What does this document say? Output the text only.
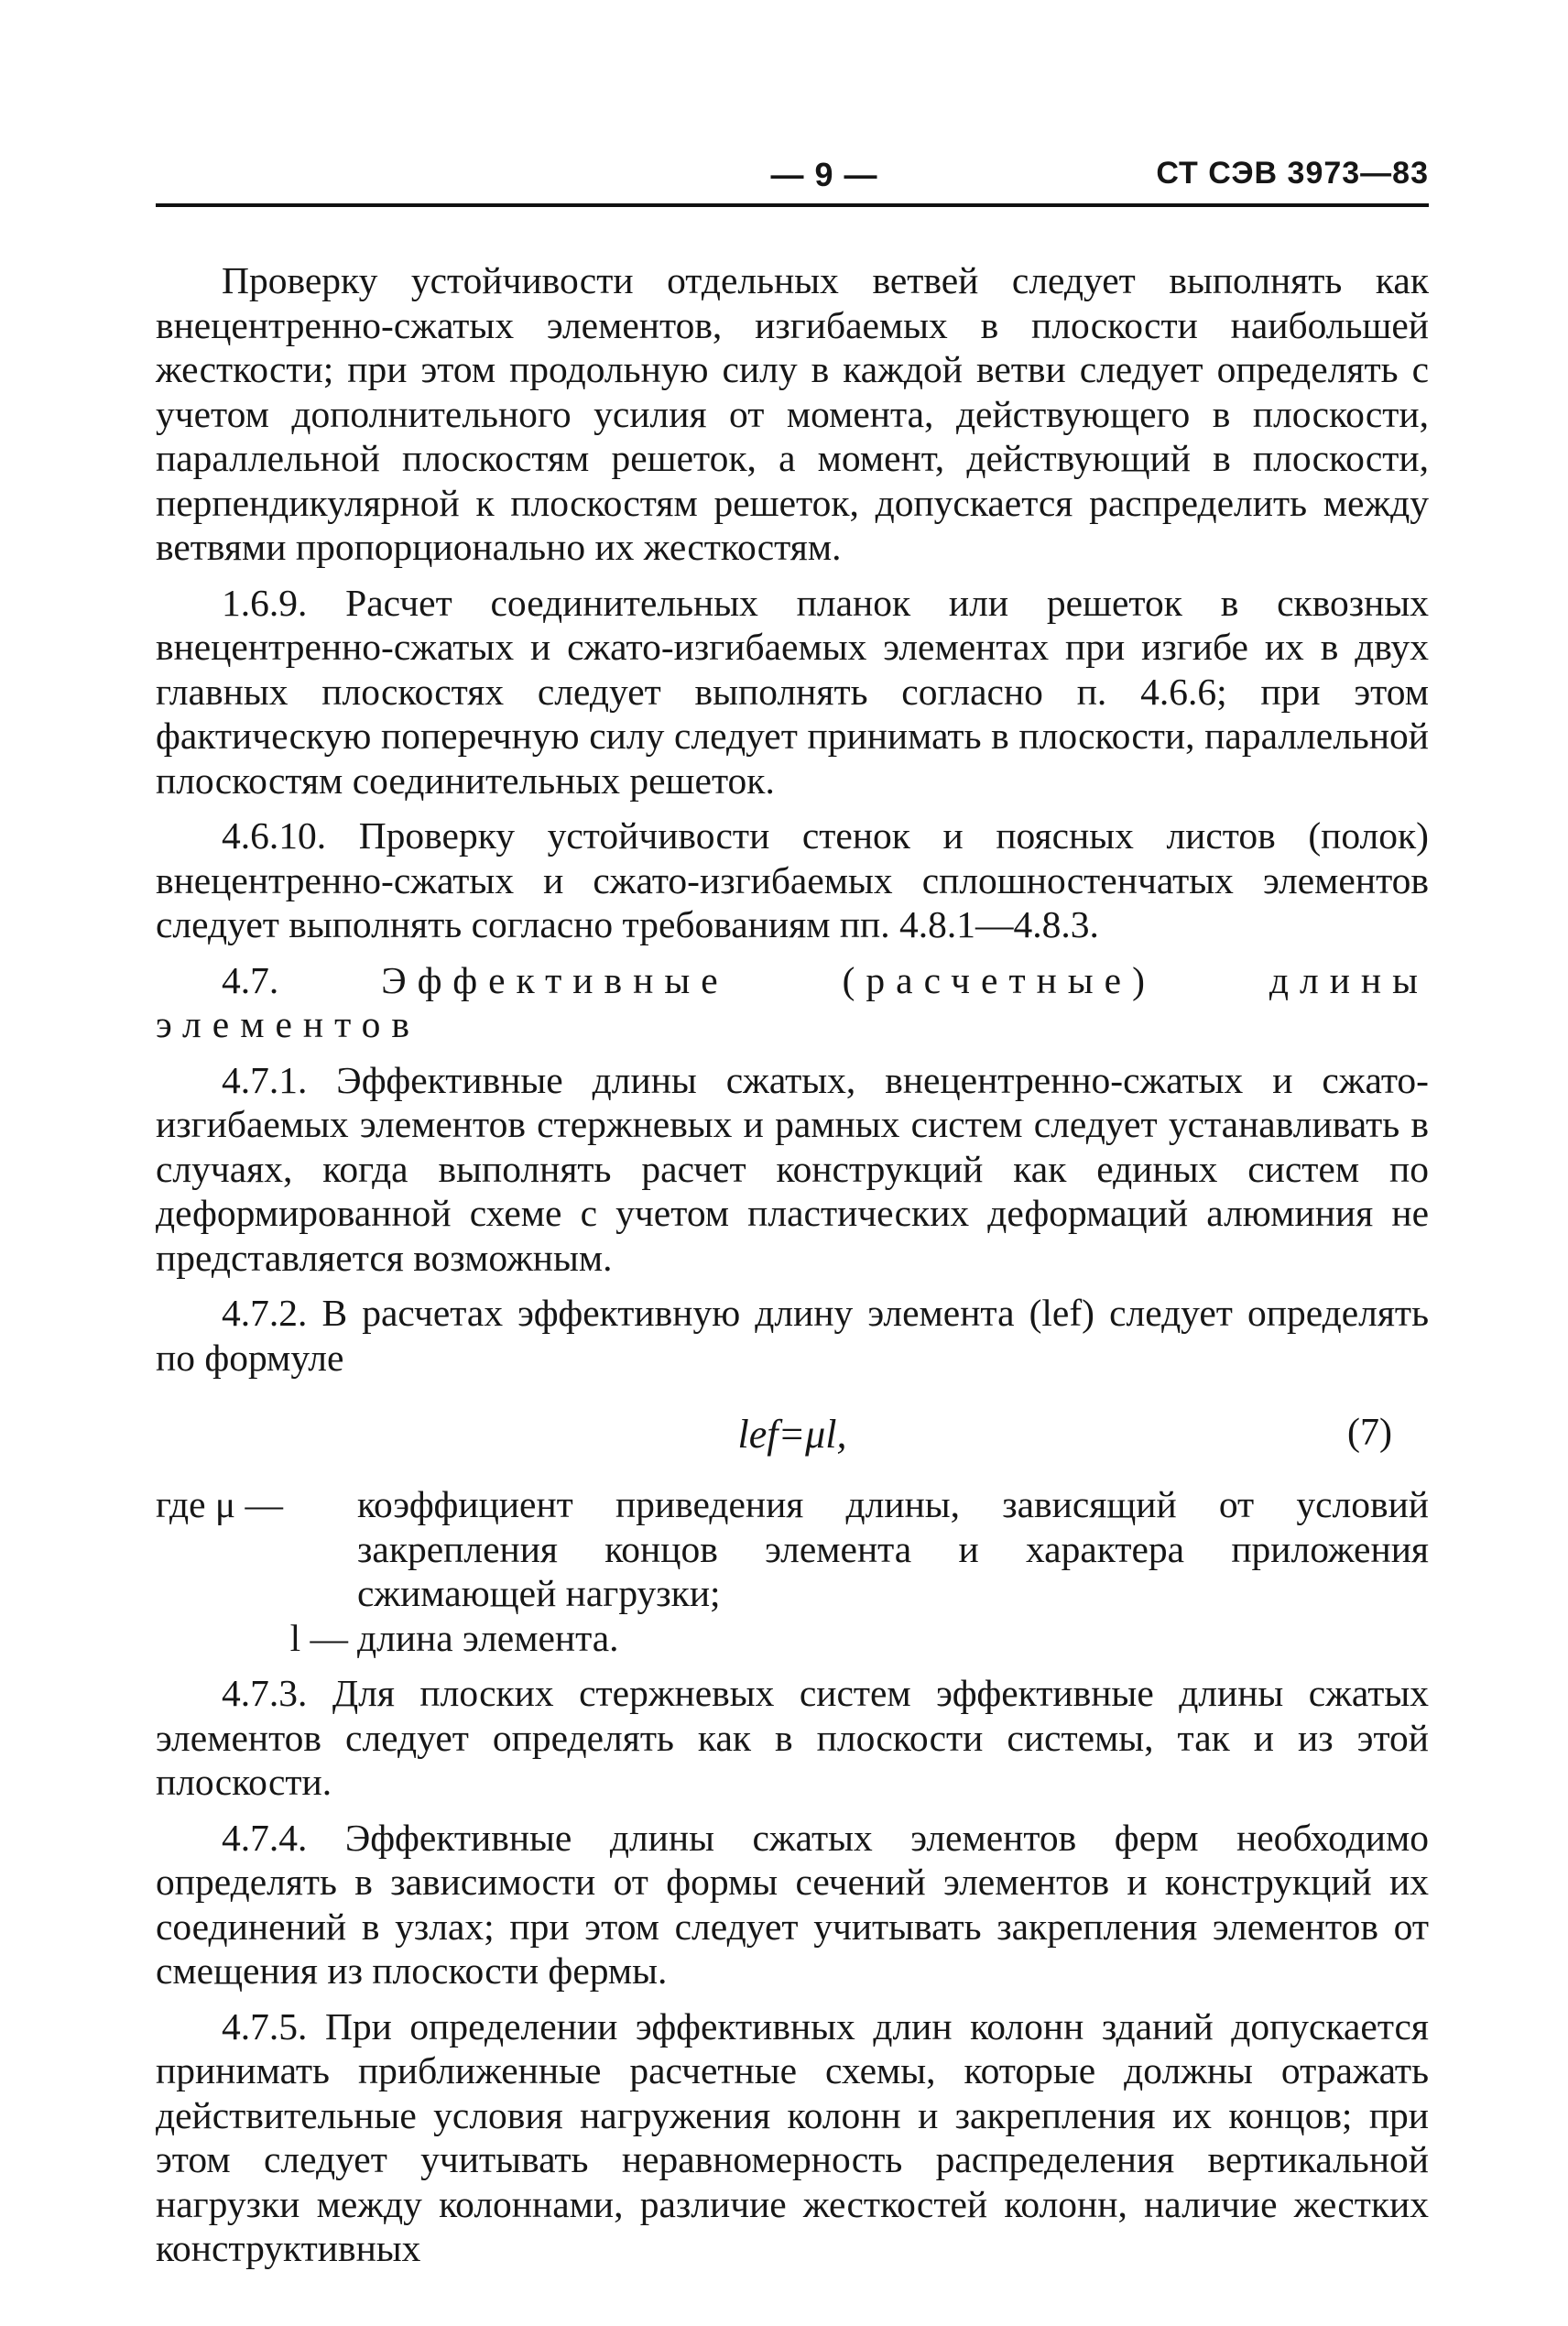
— 9 —	СТ СЭВ 3973—83

Проверку устойчивости отдельных ветвей следует выполнять как внецентренно-сжатых элементов, изгибаемых в плоскости наибольшей жесткости; при этом продольную силу в каждой ветви следует определять с учетом дополнительного усилия от момента, действующего в плоскости, параллельной плоскостям решеток, а момент, действующий в плоскости, перпендикулярной к плоскостям решеток, допускается распределить между ветвями пропорционально их жесткостям.

1.6.9. Расчет соединительных планок или решеток в сквозных внецентренно-сжатых и сжато-изгибаемых элементах при изгибе их в двух главных плоскостях следует выполнять согласно п. 4.6.6; при этом фактическую поперечную силу следует принимать в плоскости, параллельной плоскостям соединительных решеток.

4.6.10. Проверку устойчивости стенок и поясных листов (полок) внецентренно-сжатых и сжато-изгибаемых сплошностенчатых элементов следует выполнять согласно требованиям пп. 4.8.1—4.8.3.

4.7.	Эффективные (расчетные) длины элементов

4.7.1. Эффективные длины сжатых, внецентренно-сжатых и сжато-изгибаемых элементов стержневых и рамных систем следует устанавливать в случаях, когда выполнять расчет конструкций как единых систем по деформированной схеме с учетом пластических деформаций алюминия не представляется возможным.

4.7.2. В расчетах эффективную длину элемента (lef) следует определять по формуле

lef=μl,	(7)
где μ —	коэффициент приведения длины, зависящий от условий закрепления концов элемента и характера приложения сжимающей нагрузки;
l — длина элемента.

4.7.3. Для плоских стержневых систем эффективные длины сжатых элементов следует определять как в плоскости системы, так и из этой плоскости.

4.7.4. Эффективные длины сжатых элементов ферм необходимо определять в зависимости от формы сечений элементов и конструкций их соединений в узлах; при этом следует учитывать закрепления элементов от смещения из плоскости фермы.

4.7.5. При определении эффективных длин колонн зданий допускается принимать приближенные расчетные схемы, которые должны отражать действительные условия нагружения колонн и закрепления их концов; при этом следует учитывать неравномерность распределения вертикальной нагрузки между колоннами, различие жесткостей колонн, наличие жестких конструктивных
